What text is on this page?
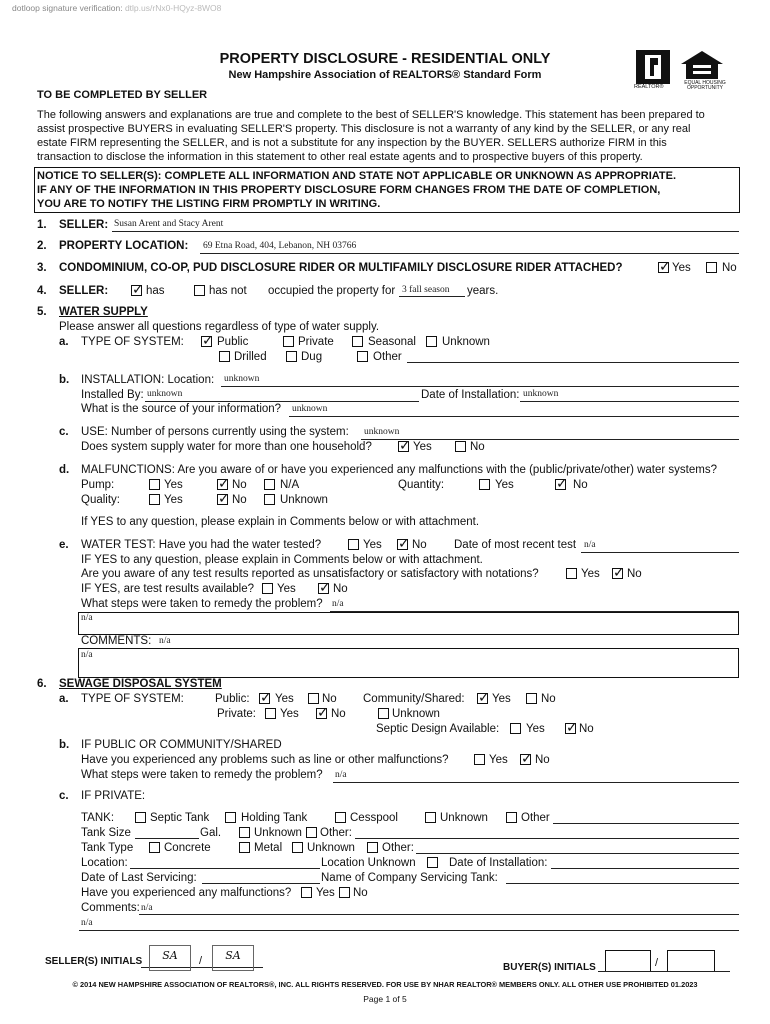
dotloop signature verification: dtlp.us/rNx0-HQyz-8WO8
PROPERTY DISCLOSURE - RESIDENTIAL ONLY
New Hampshire Association of REALTORS® Standard Form
REALTOR®
EQUAL HOUSING OPPORTUNITY
TO BE COMPLETED BY SELLER
The following answers and explanations are true and complete to the best of SELLER'S knowledge. This statement has been prepared to
assist prospective BUYERS in evaluating SELLER'S property. This disclosure is not a warranty of any kind by the SELLER, or any real
estate FIRM representing the SELLER, and is not a substitute for any inspection by the BUYER. SELLERS authorize FIRM in this
transaction to disclose the information in this statement to other real estate agents and to prospective buyers of this property.
NOTICE TO SELLER(S): COMPLETE ALL INFORMATION AND STATE NOT APPLICABLE OR UNKNOWN AS APPROPRIATE.
IF ANY OF THE INFORMATION IN THIS PROPERTY DISCLOSURE FORM CHANGES FROM THE DATE OF COMPLETION,
YOU ARE TO NOTIFY THE LISTING FIRM PROMPTLY IN WRITING.
1. SELLER: Susan Arent and Stacy Arent
2. PROPERTY LOCATION: 69 Etna Road, 404, Lebanon, NH 03766
3. CONDOMINIUM, CO-OP, PUD DISCLOSURE RIDER OR MULTIFAMILY DISCLOSURE RIDER ATTACHED? ✓	Yes	No
4. SELLER: ✓	has	has not occupied the property for 3 fall season years.
5. WATER SUPPLY
Please answer all questions regardless of type of water supply.
a. TYPE OF SYSTEM: ✓	Public	Private	Seasonal Unknown
Drilled	Dug	Other
b. INSTALLATION: Location: unknown
Installed By: unknown	Date of Installation: unknown
What is the source of your information? unknown
c. USE: Number of persons currently using the system: unknown
Does system supply water for more than one household? ✓	Yes	No
d. MALFUNCTIONS: Are you aware of or have you experienced any malfunctions with the (public/private/other) water systems?
Pump:	Yes ✓	No	N/A	Quantity:	Yes ✓	No
Quality:	Yes ✓	No	Unknown
If YES to any question, please explain in Comments below or with attachment.
e. WATER TEST: Have you had the water tested?	Yes ✓	No Date of most recent test n/a
IF YES to any question, please explain in Comments below or with attachment.
Are you aware of any test results reported as unsatisfactory or satisfactory with notations?	Yes ✓ No
IF YES, are test results available? Yes ✓	No
What steps were taken to remedy the problem? n/a
n/a
COMMENTS: n/a
n/a
6. SEWAGE DISPOSAL SYSTEM
a. TYPE OF SYSTEM:	Public: ✓ Yes No Community/Shared: ✓ Yes	No
Private: Yes ✓	No	Unknown
Septic Design Available: Yes ✓	No
b. IF PUBLIC OR COMMUNITY/SHARED
Have you experienced any problems such as line or other malfunctions?	Yes ✓ No
What steps were taken to remedy the problem? n/a
c. IF PRIVATE:
TANK:	Septic Tank	Holding Tank	Cesspool	Unknown	Other
Tank Size	Gal.	Unknown Other:
Tank Type	Concrete	Metal Unknown Other:
Location:	Location Unknown	Date of Installation:
Date of Last Servicing:	Name of Company Servicing Tank:
Have you experienced any malfunctions? Yes No
Comments: n/a
n/a
SELLER(S) INITIALS	SA	/	SA
BUYER(S) INITIALS	/
© 2014 NEW HAMPSHIRE ASSOCIATION OF REALTORS®, INC. ALL RIGHTS RESERVED. FOR USE BY NHAR REALTOR® MEMBERS ONLY. ALL OTHER USE PROHIBITED 01.2023
Page 1 of 5
